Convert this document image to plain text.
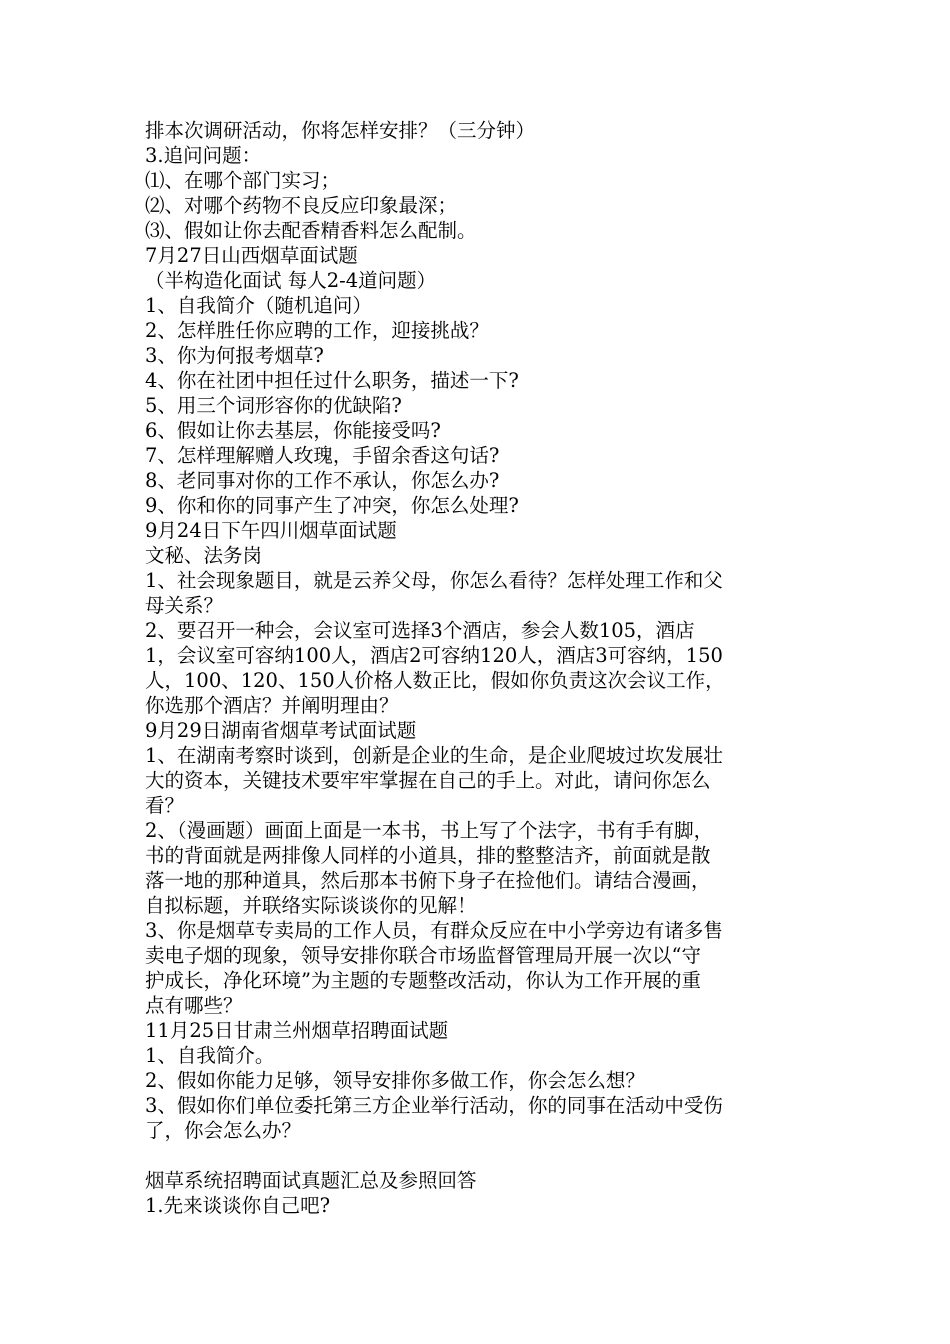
排本次调研活动，你将怎样安排？（三分钟）
3.追问问题：
⑴、在哪个部门实习；
⑵、对哪个药物不良反应印象最深；
⑶、假如让你去配香精香料怎么配制。
7月27日山西烟草面试题
（半构造化面试 每人2-4道问题）
1、自我简介（随机追问）
2、怎样胜任你应聘的工作，迎接挑战？
3、你为何报考烟草?
4、你在社团中担任过什么职务，描述一下?
5、用三个词形容你的优缺陷?
6、假如让你去基层，你能接受吗?
7、怎样理解赠人玫瑰，手留余香这句话?
8、老同事对你的工作不承认，你怎么办?
9、你和你的同事产生了冲突，你怎么处理?
9月24日下午四川烟草面试题
文秘、法务岗
1、社会现象题目，就是云养父母，你怎么看待？怎样处理工作和父
母关系？
2、要召开一种会，会议室可选择3个酒店，参会人数105，酒店
1，会议室可容纳100人，酒店2可容纳120人，酒店3可容纳，150
人，100、120、150人价格人数正比，假如你负责这次会议工作，
你选那个酒店？并阐明理由？
9月29日湖南省烟草考试面试题
1、在湖南考察时谈到，创新是企业的生命，是企业爬坡过坎发展壮
大的资本，关键技术要牢牢掌握在自己的手上。对此，请问你怎么
看？
2、（漫画题）画面上面是一本书，书上写了个法字，书有手有脚，
书的背面就是两排像人同样的小道具，排的整整洁齐，前面就是散
落一地的那种道具，然后那本书俯下身子在捡他们。请结合漫画，
自拟标题，并联络实际谈谈你的见解！
3、你是烟草专卖局的工作人员，有群众反应在中小学旁边有诸多售
卖电子烟的现象，领导安排你联合市场监督管理局开展一次以“守
护成长，净化环境”为主题的专题整改活动，你认为工作开展的重
点有哪些？
11月25日甘肃兰州烟草招聘面试题
1、自我简介。
2、假如你能力足够，领导安排你多做工作，你会怎么想？
3、假如你们单位委托第三方企业举行活动，你的同事在活动中受伤
了，你会怎么办？
烟草系统招聘面试真题汇总及参照回答
1.先来谈谈你自己吧?
